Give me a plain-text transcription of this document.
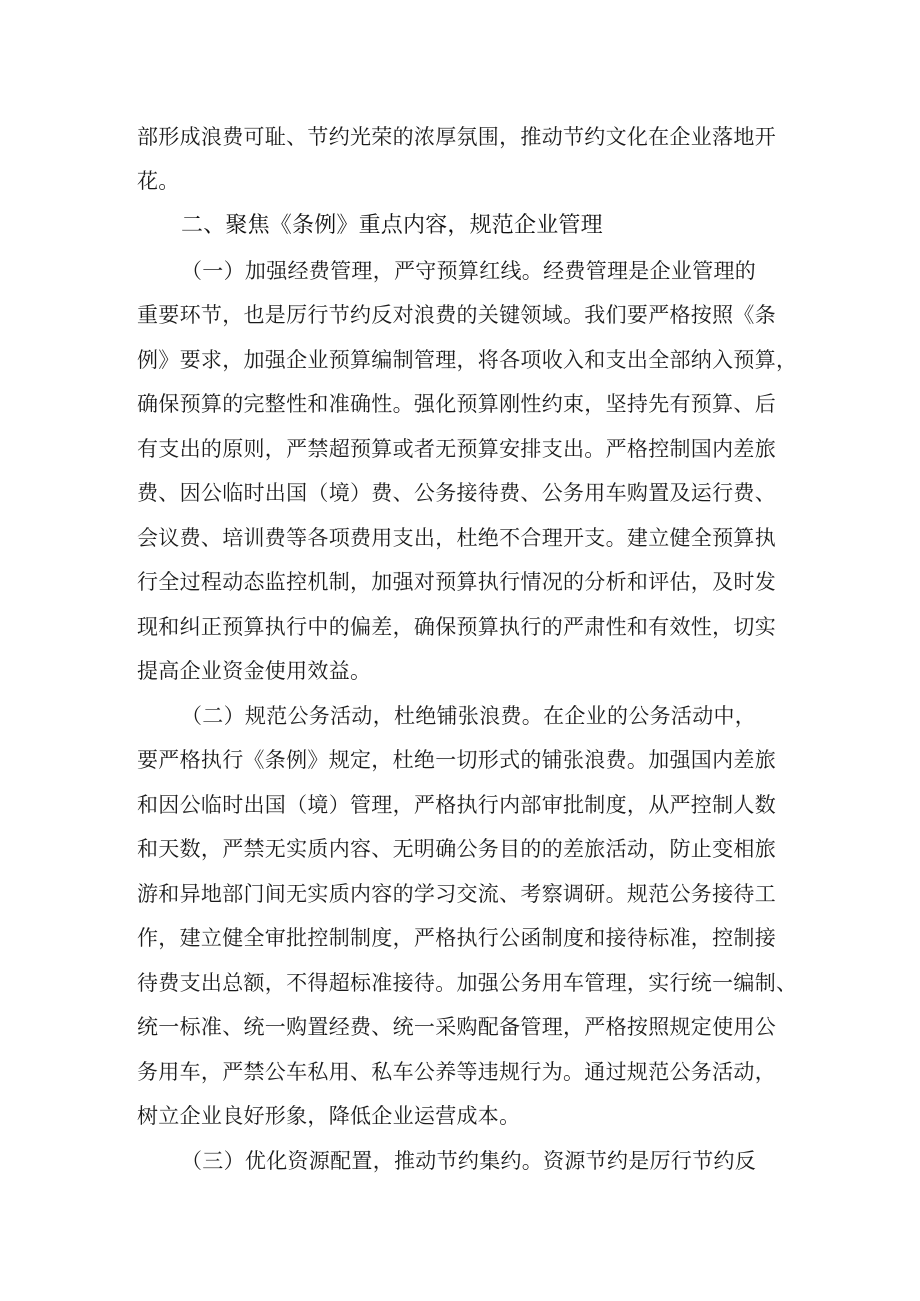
部形成浪费可耻、节约光荣的浓厚氛围，推动节约文化在企业落地开
花。
二、聚焦《条例》重点内容，规范企业管理
（一）加强经费管理，严守预算红线。经费管理是企业管理的
重要环节，也是厉行节约反对浪费的关键领域。我们要严格按照《条
例》要求，加强企业预算编制管理，将各项收入和支出全部纳入预算，
确保预算的完整性和准确性。强化预算刚性约束，坚持先有预算、后
有支出的原则，严禁超预算或者无预算安排支出。严格控制国内差旅
费、因公临时出国（境）费、公务接待费、公务用车购置及运行费、
会议费、培训费等各项费用支出，杜绝不合理开支。建立健全预算执
行全过程动态监控机制，加强对预算执行情况的分析和评估，及时发
现和纠正预算执行中的偏差，确保预算执行的严肃性和有效性，切实
提高企业资金使用效益。
（二）规范公务活动，杜绝铺张浪费。在企业的公务活动中，
要严格执行《条例》规定，杜绝一切形式的铺张浪费。加强国内差旅
和因公临时出国（境）管理，严格执行内部审批制度，从严控制人数
和天数，严禁无实质内容、无明确公务目的的差旅活动，防止变相旅
游和异地部门间无实质内容的学习交流、考察调研。规范公务接待工
作，建立健全审批控制制度，严格执行公函制度和接待标准，控制接
待费支出总额，不得超标准接待。加强公务用车管理，实行统一编制、
统一标准、统一购置经费、统一采购配备管理，严格按照规定使用公
务用车，严禁公车私用、私车公养等违规行为。通过规范公务活动，
树立企业良好形象，降低企业运营成本。
（三）优化资源配置，推动节约集约。资源节约是厉行节约反
